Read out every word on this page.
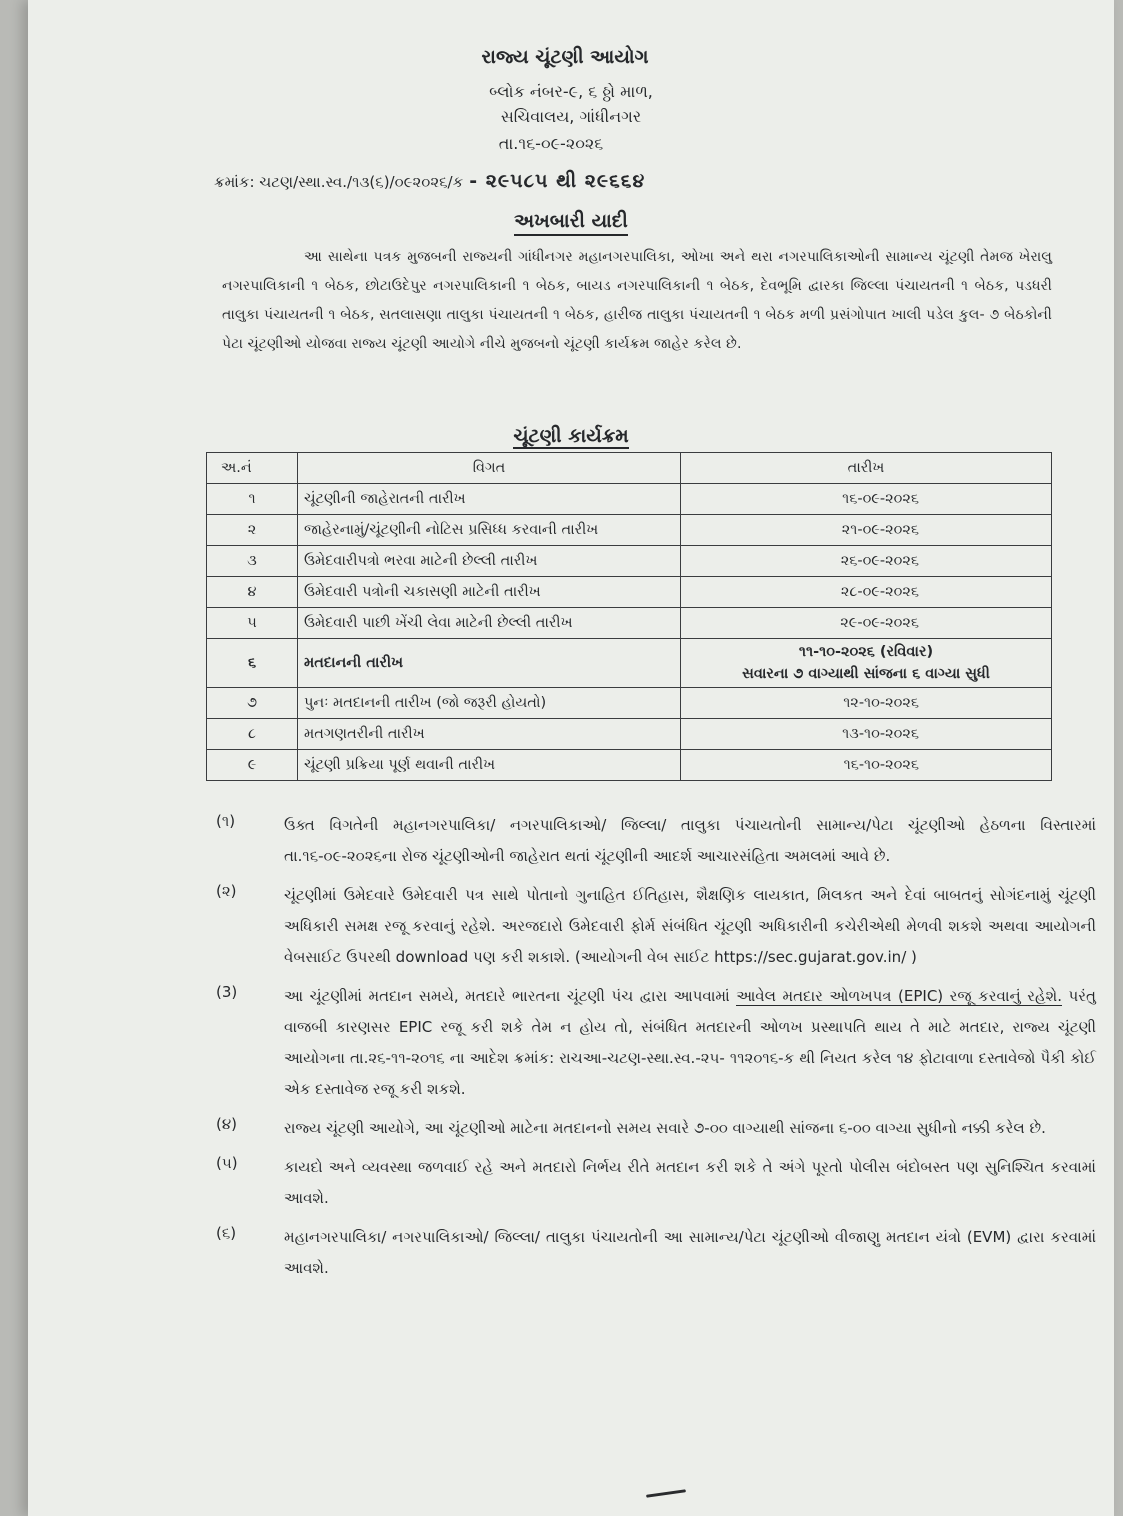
રાજ્ય ચૂંટણી આયોગ
બ્લોક નંબર-૯, ૬ ઠ્ઠો માળ,
સચિવાલય, ગાંધીનગર
તા.૧૬-૦૯-૨૦૨૬
ક્રમાંક: ચટણ/સ્થા.સ્વ./૧૩(૬)/૦૯૨૦૨૬/ક - ૨૯૫૮૫ થી ૨૯૬૬૪
અખબારી યાદી
આ સાથેના પત્રક મુજબની રાજ્યની ગાંધીનગર મહાનગરપાલિકા, ઓખા અને થરા નગરપાલિકાઓની સામાન્ય ચૂંટણી તેમજ ખેરાલુ નગરપાલિકાની ૧ બેઠક, છોટાઉદેપુર નગરપાલિકાની ૧ બેઠક, બાયડ નગરપાલિકાની ૧ બેઠક, દેવભૂમિ દ્વારકા જિલ્લા પંચાયતની ૧ બેઠક, પડધરી તાલુકા પંચાયતની ૧ બેઠક, સતલાસણા તાલુકા પંચાયતની ૧ બેઠક, હારીજ તાલુકા પંચાયતની ૧ બેઠક મળી પ્રસંગોપાત ખાલી પડેલ કુલ- ૭ બેઠકોની પેટા ચૂંટણીઓ યોજવા રાજ્ય ચૂંટણી આયોગે નીચે મુજબનો ચૂંટણી કાર્યક્રમ જાહેર કરેલ છે.
ચૂંટણી કાર્યક્રમ
અ.નં	વિગત	તારીખ
૧	ચૂંટણીની જાહેરાતની તારીખ	૧૬-૦૯-૨૦૨૬
૨	જાહેરનામું/ચૂંટણીની નોટિસ પ્રસિધ્ધ કરવાની તારીખ	૨૧-૦૯-૨૦૨૬
૩	ઉમેદવારીપત્રો ભરવા માટેની છેલ્લી તારીખ	૨૬-૦૯-૨૦૨૬
૪	ઉમેદવારી પત્રોની ચકાસણી માટેની તારીખ	૨૮-૦૯-૨૦૨૬
૫	ઉમેદવારી પાછી ખેંચી લેવા માટેની છેલ્લી તારીખ	૨૯-૦૯-૨૦૨૬
૬	મતદાનની તારીખ	૧૧-૧૦-૨૦૨૬ (રવિવાર)
સવારના ૭ વાગ્યાથી સાંજના ૬ વાગ્યા સુધી

૭	પુનઃ મતદાનની તારીખ (જો જરૂરી હોયતો)	૧૨-૧૦-૨૦૨૬
૮	મતગણતરીની તારીખ	૧૩-૧૦-૨૦૨૬
૯	ચૂંટણી પ્રક્રિયા પૂર્ણ થવાની તારીખ	૧૬-૧૦-૨૦૨૬
(૧)	ઉક્ત વિગતેની મહાનગરપાલિકા/ નગરપાલિકાઓ/ જિલ્લા/ તાલુકા પંચાયતોની સામાન્ય/પેટા ચૂંટણીઓ હેઠળના વિસ્તારમાં તા.૧૬-૦૯-૨૦૨૬ના રોજ ચૂંટણીઓની જાહેરાત થતાં ચૂંટણીની આદર્શ આચારસંહિતા અમલમાં આવે છે.
(૨)	ચૂંટણીમાં ઉમેદવારે ઉમેદવારી પત્ર સાથે પોતાનો ગુનાહિત ઈતિહાસ, શૈક્ષણિક લાયકાત, મિલકત અને દેવાં બાબતનું સોગંદનામું ચૂંટણી અધિકારી સમક્ષ રજૂ કરવાનું રહેશે. અરજદારો ઉમેદવારી ફોર્મ સંબંધિત ચૂંટણી અધિકારીની કચેરીએથી મેળવી શકશે અથવા આયોગની વેબસાઈટ ઉપરથી download પણ કરી શકાશે. (આયોગની વેબ સાઈટ https://sec.gujarat.gov.in/ )
(3)	આ ચૂંટણીમાં મતદાન સમયે, મતદારે ભારતના ચૂંટણી પંચ દ્વારા આપવામાં આવેલ મતદાર ઓળખપત્ર (EPIC) રજૂ કરવાનું રહેશે. પરંતુ વાજબી કારણસર EPIC રજૂ કરી શકે તેમ ન હોય તો, સંબંધિત મતદારની ઓળખ પ્રસ્થાપતિ થાય તે માટે મતદાર, રાજ્ય ચૂંટણી આયોગના તા.૨૬-૧૧-૨૦૧૬ ના આદેશ ક્રમાંક: રાચઆ-ચટણ-સ્થા.સ્વ.-૨૫- ૧૧૨૦૧૬-ક થી નિયત કરેલ ૧૪ ફોટાવાળા દસ્તાવેજો પૈકી કોઈ એક દસ્તાવેજ રજૂ કરી શકશે.
(૪)	રાજ્ય ચૂંટણી આયોગે, આ ચૂંટણીઓ માટેના મતદાનનો સમય સવારે ૭-૦૦ વાગ્યાથી સાંજના ૬-૦૦ વાગ્યા સુધીનો નક્કી કરેલ છે.
(૫)	કાયદો અને વ્યવસ્થા જળવાઈ રહે અને મતદારો નિર્ભય રીતે મતદાન કરી શકે તે અંગે પૂરતો પોલીસ બંદોબસ્ત પણ સુનિશ્ચિત કરવામાં આવશે.
(૬)	મહાનગરપાલિકા/ નગરપાલિકાઓ/ જિલ્લા/ તાલુકા પંચાયતોની આ સામાન્ય/પેટા ચૂંટણીઓ વીજાણુ મતદાન યંત્રો (EVM) દ્વારા કરવામાં આવશે.
